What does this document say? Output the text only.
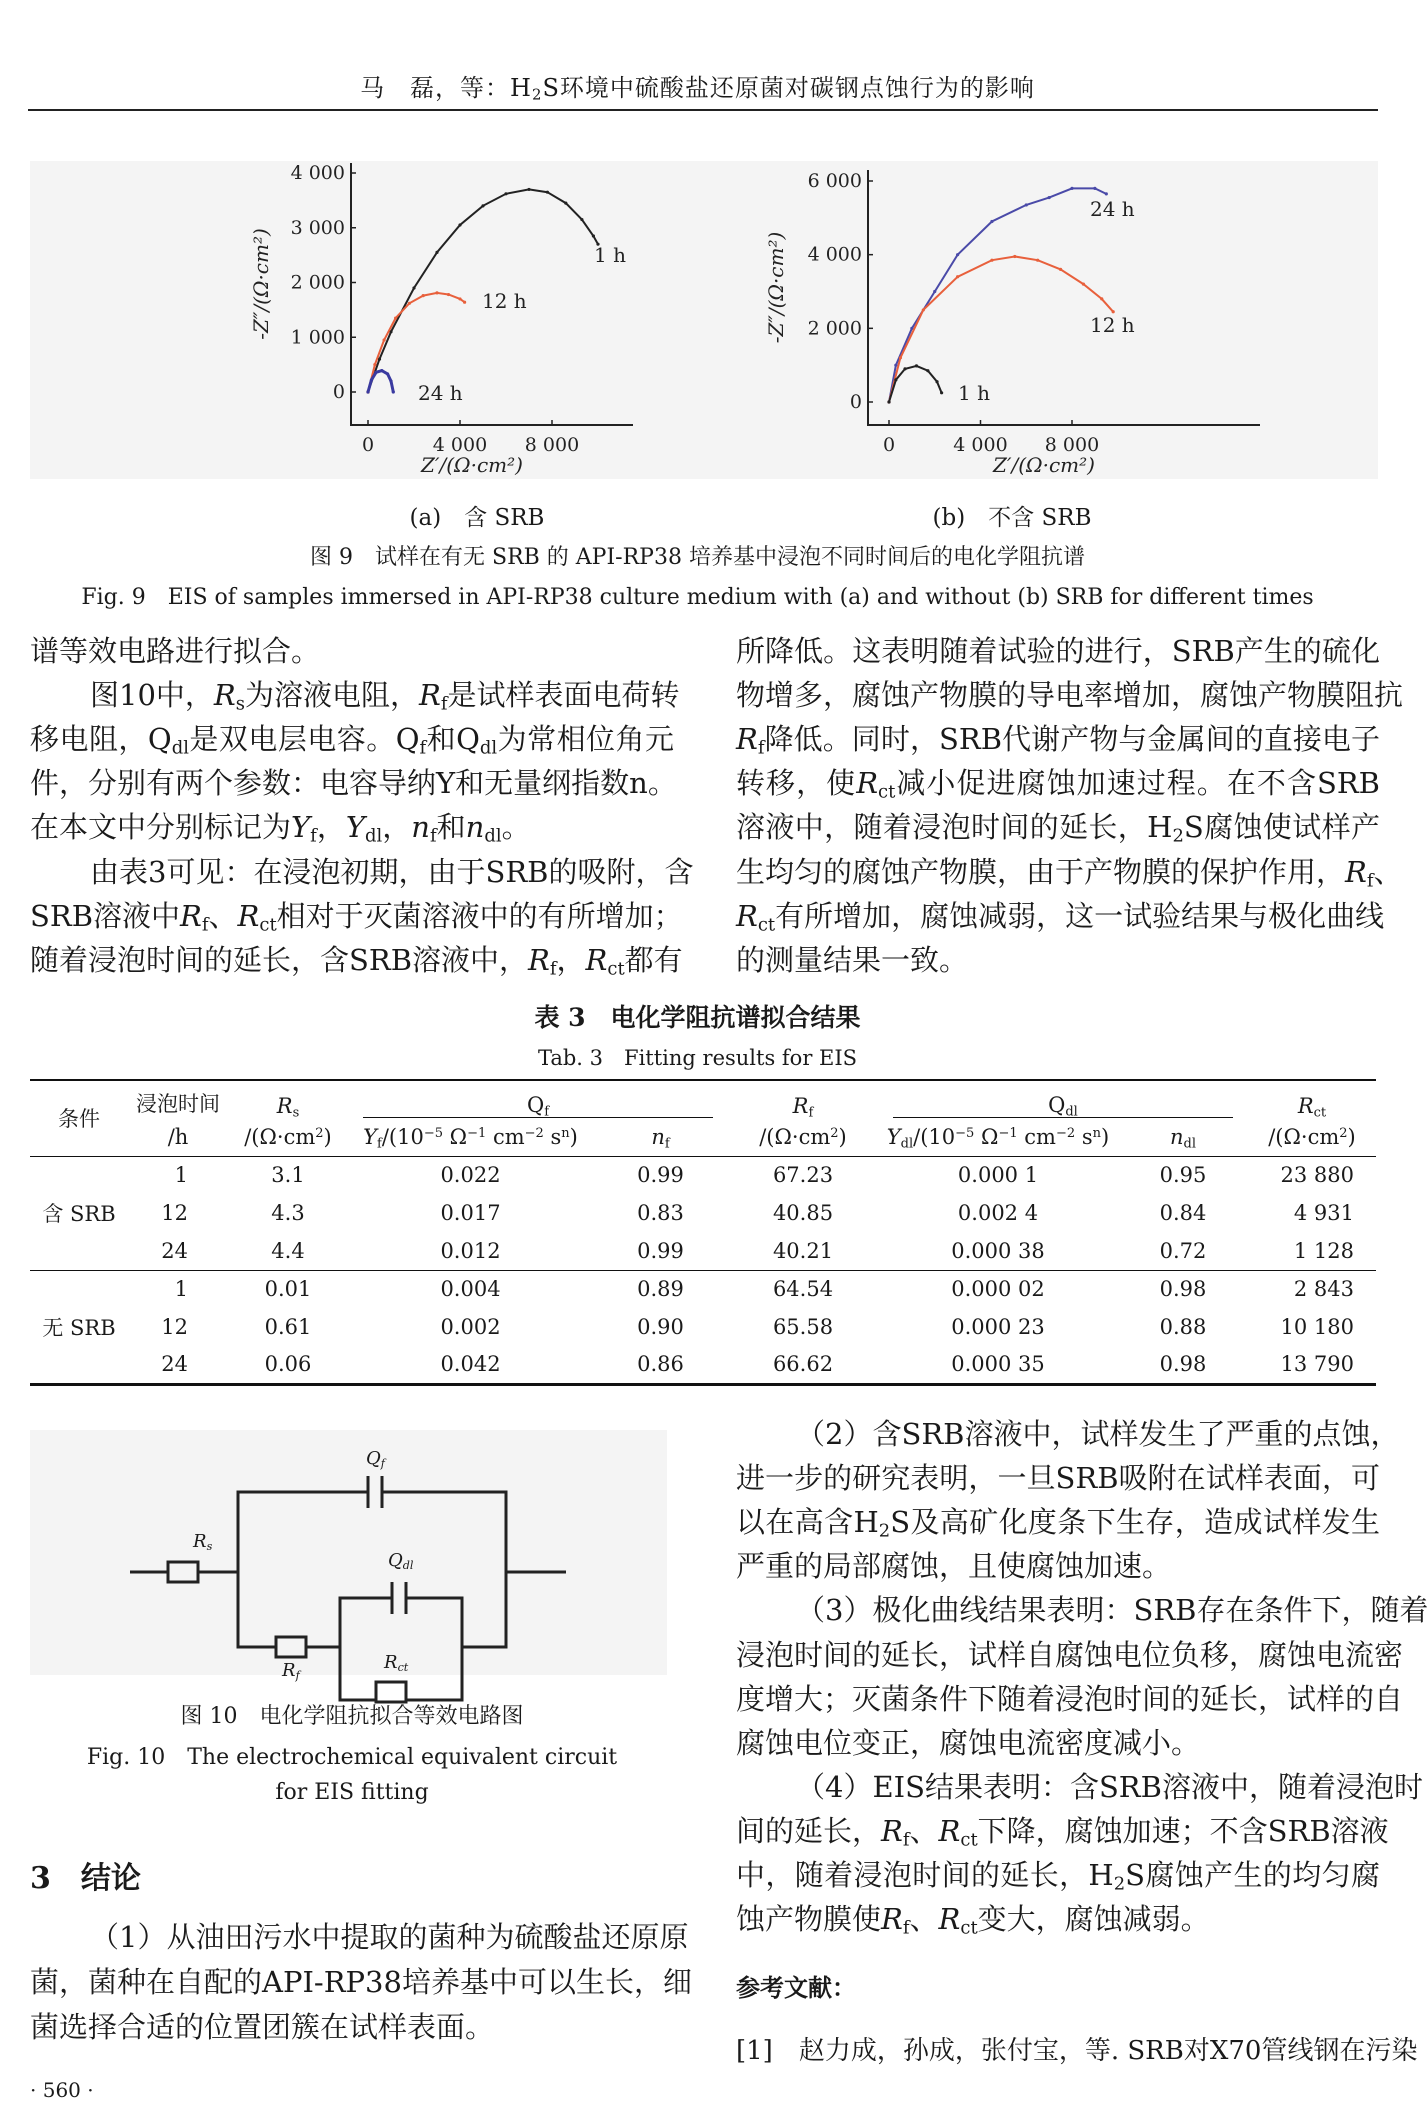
马　磊，等：$H_2S$环境中硫酸盐还原菌对碳钢点蚀行为的影响
0	4 000 8 000
0
1 000
2 000
3 000
4 000
Z′/(Ω·cm²)
-Z″/(Ω·cm²)	1 h
12 h
24 h
0	4 000 8 000
0
2 000
4 000
6 000
Z′/(Ω·cm²)
-Z″/(Ω·cm²)
24 h
12 h
1 h
(a)　含 SRB	(b)　不含 SRB
图 9　试样在有无 SRB 的 API-RP38 培养基中浸泡不同时间后的电化学阻抗谱
Fig. 9　EIS of samples immersed in API-RP38 culture medium with (a) and without (b) SRB for different times
谱等效电路进行拟合。
图10中，$R_s$为溶液电阻，$R_f$是试样表面电荷转
移电阻，$Q_{dl}$是双电层电容。$Q_f$和$Q_{dl}$为常相位角元
件，分别有两个参数：电容导纳Y和无量纲指数n。
在本文中分别标记为$Y_f$，$Y_{dl}$，$n_f$和$n_{dl}$。
由表3可见：在浸泡初期，由于SRB的吸附，含
SRB溶液中$R_f$、$R_{ct}$相对于灭菌溶液中的有所增加；
随着浸泡时间的延长，含SRB溶液中，$R_f$，$R_{ct}$都有
所降低。这表明随着试验的进行，SRB产生的硫化
物增多，腐蚀产物膜的导电率增加，腐蚀产物膜阻抗
$R_f$降低。同时，SRB代谢产物与金属间的直接电子
转移，使$R_{ct}$减小促进腐蚀加速过程。在不含SRB
溶液中，随着浸泡时间的延长，$H_2S$腐蚀使试样产
生均匀的腐蚀产物膜，由于产物膜的保护作用，$R_f$、
$R_{ct}$有所增加，腐蚀减弱，这一试验结果与极化曲线
的测量结果一致。
表 3　电化学阻抗谱拟合结果
Tab. 3　Fitting results for EIS
条件	浸泡时间	$R_s$	$Q_f$		$R_f$	$Q_{dl}$		$R_{ct}$
	/h	$/(\Omega\cdot cm^2)$	$Y_f/(10^{-5}$ $\Omega^{-1}$ $cm^{-2}$ $s^n$)	$n_f$	$/(\Omega\cdot cm^2)$	$Y_{dl}/(10^{-5}$ $\Omega^{-1}$ $cm^{-2}$ $s^n$)	$n_{dl}$	$/(\Omega\cdot cm^2)$
含 SRB	1	3.1	0.022	0.99	67.23	0.000 1	0.95	23 880
	12	4.3	0.017	0.83	40.85	0.002 4	0.84	4 931
	24	4.4	0.012	0.99	40.21	0.000 38	0.72	1 128
无 SRB	1	0.01	0.004	0.89	64.54	0.000 02	0.98	2 843
	12	0.61	0.002	0.90	65.58	0.000 23	0.88	10 180
	24	0.06	0.042	0.86	66.62	0.000 35	0.98	13 790
$R_s$
$Q_f$
$Q_{dl}$
$R_f$
$R_{ct}$
图 10　电化学阻抗拟合等效电路图
Fig. 10　The electrochemical equivalent circuit
for EIS fitting
3　结论
（1）从油田污水中提取的菌种为硫酸盐还原原
菌，菌种在自配的API-RP38培养基中可以生长，细
菌选择合适的位置团簇在试样表面。
（2）含SRB溶液中，试样发生了严重的点蚀，
进一步的研究表明，一旦SRB吸附在试样表面，可
以在高含$H_2S$及高矿化度条下生存，造成试样发生
严重的局部腐蚀，且使腐蚀加速。
（3）极化曲线结果表明：SRB存在条件下，随着
浸泡时间的延长，试样自腐蚀电位负移，腐蚀电流密
度增大；灭菌条件下随着浸泡时间的延长，试样的自
腐蚀电位变正，腐蚀电流密度减小。
（4）EIS结果表明：含SRB溶液中，随着浸泡时
间的延长，$R_f$、$R_{ct}$下降，腐蚀加速；不含SRB溶液
中，随着浸泡时间的延长，$H_2S$腐蚀产生的均匀腐
蚀产物膜使$R_f$、$R_{ct}$变大，腐蚀减弱。
参考文献：
[1]　赵力成，孙成，张付宝，等. SRB对X70管线钢在污染
· 560 ·
